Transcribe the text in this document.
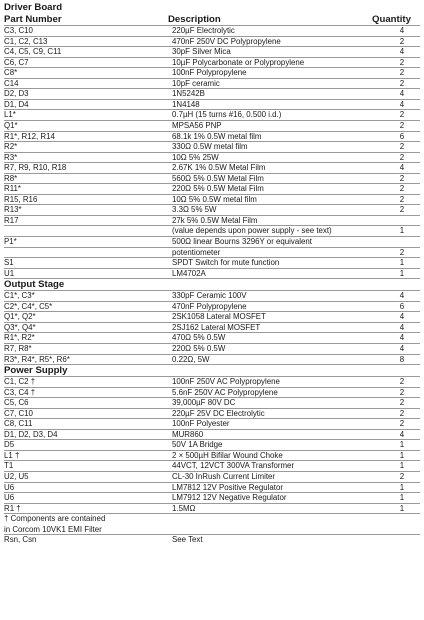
Driver Board
Part Number	Description	Quantity
C3, C10	220µF Electrolytic	4
C1, C2, C13	470nF 250V DC Polypropylene	2
C4, C5, C9, C11	30pF Silver Mica	4
C6, C7	10µF Polycarbonate or Polypropylene	2
C8*	100nF Polypropylene	2
C14	10pF ceramic	2
D2, D3	1N5242B	4
D1, D4	1N4148	4
L1*	0.7µH (15 turns #16, 0.500 i.d.)	2
Q1*	MPSA56 PNP	2
R1*, R12, R14	68.1k 1% 0.5W metal film	6
R2*	330Ω 0.5W metal film	2
R3*	10Ω 5% 25W	2
R7, R9, R10, R18	2.67K 1% 0.5W Metal Film	4
R8*	560Ω 5% 0.5W Metal Film	2
R11*	220Ω 5% 0.5W Metal Film	2
R15, R16	10Ω 5% 0.5W metal film	2
R13*	3.3Ω 5% 5W	2
R17	27k 5% 0.5W Metal Film
(value depends upon power supply - see text)	1
P1*	500Ω linear Bourns 3296Y or equivalent
potentiometer	2
S1	SPDT Switch for mute function	1
U1	LM4702A	1
Output Stage
C1*, C3*	330pF Ceramic 100V	4
C2*, C4*, C5*	470nF Polypropylene	6
Q1*, Q2*	2SK1058 Lateral MOSFET	4
Q3*, Q4*	2SJ162 Lateral MOSFET	4
R1*, R2*	470Ω 5% 0.5W	4
R7, R8*	220Ω 5% 0.5W	4
R3*, R4*, R5*, R6*	0.22Ω, 5W	8
Power Supply
C1, C2 †	100nF 250V AC Polypropylene	2
C3, C4 †	5.6nF 250V AC Polypropylene	2
C5, C6	39,000µF 80V DC	2
C7, C10	220µF 25V DC Electrolytic	2
C8, C11	100nF Polyester	2
D1, D2, D3, D4	MUR860	4
D5	50V 1A Bridge	1
L1 †	2 × 500µH Bifilar Wound Choke	1
T1	44VCT, 12VCT 300VA Transformer	1
U2, U5	CL-30 InRush Current Limiter	2
U6	LM7812 12V Positive Regulator	1
U6	LM7912 12V Negative Regulator	1
R1 †	1.5MΩ	1
† Components are contained
in Corcom 10VK1 EMI Filter
Rsn, Csn	See Text
